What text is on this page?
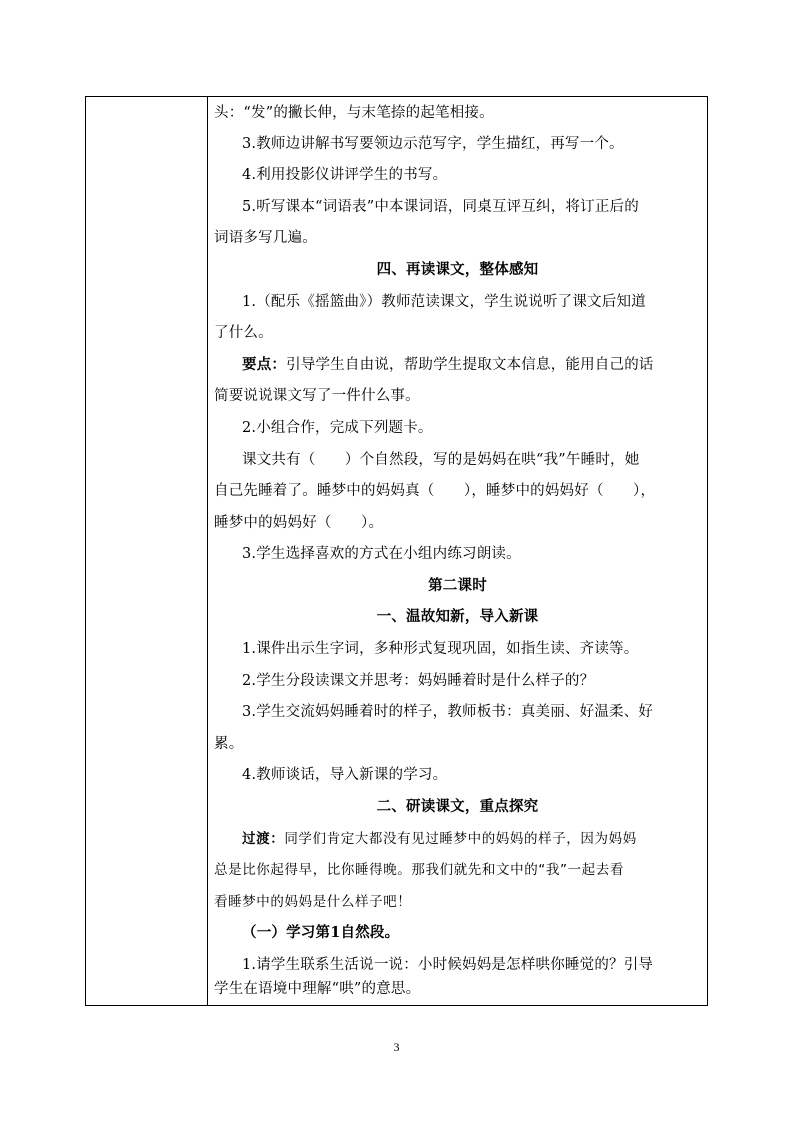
头：“发”的撇长伸，与末笔捺的起笔相接。
3.教师边讲解书写要领边示范写字，学生描红，再写一个。
4.利用投影仪讲评学生的书写。
5.听写课本“词语表”中本课词语，同桌互评互纠，将订正后的
词语多写几遍。
四、再读课文，整体感知
1.（配乐《摇篮曲》）教师范读课文，学生说说听了课文后知道
了什么。
要点：引导学生自由说，帮助学生提取文本信息，能用自己的话
简要说说课文写了一件什么事。
2.小组合作，完成下列题卡。
课文共有（　　）个自然段，写的是妈妈在哄“我”午睡时，她
自己先睡着了。睡梦中的妈妈真（　　），睡梦中的妈妈好（　　），
睡梦中的妈妈好（　　）。
3.学生选择喜欢的方式在小组内练习朗读。
第二课时
一、温故知新，导入新课
1.课件出示生字词，多种形式复现巩固，如指生读、齐读等。
2.学生分段读课文并思考：妈妈睡着时是什么样子的？
3.学生交流妈妈睡着时的样子，教师板书：真美丽、好温柔、好
累。
4.教师谈话，导入新课的学习。
二、研读课文，重点探究
过渡：同学们肯定大都没有见过睡梦中的妈妈的样子，因为妈妈
总是比你起得早，比你睡得晚。那我们就先和文中的“我”一起去看
看睡梦中的妈妈是什么样子吧！
（一）学习第1自然段。
1.请学生联系生活说一说：小时候妈妈是怎样哄你睡觉的？引导
学生在语境中理解“哄”的意思。
3
